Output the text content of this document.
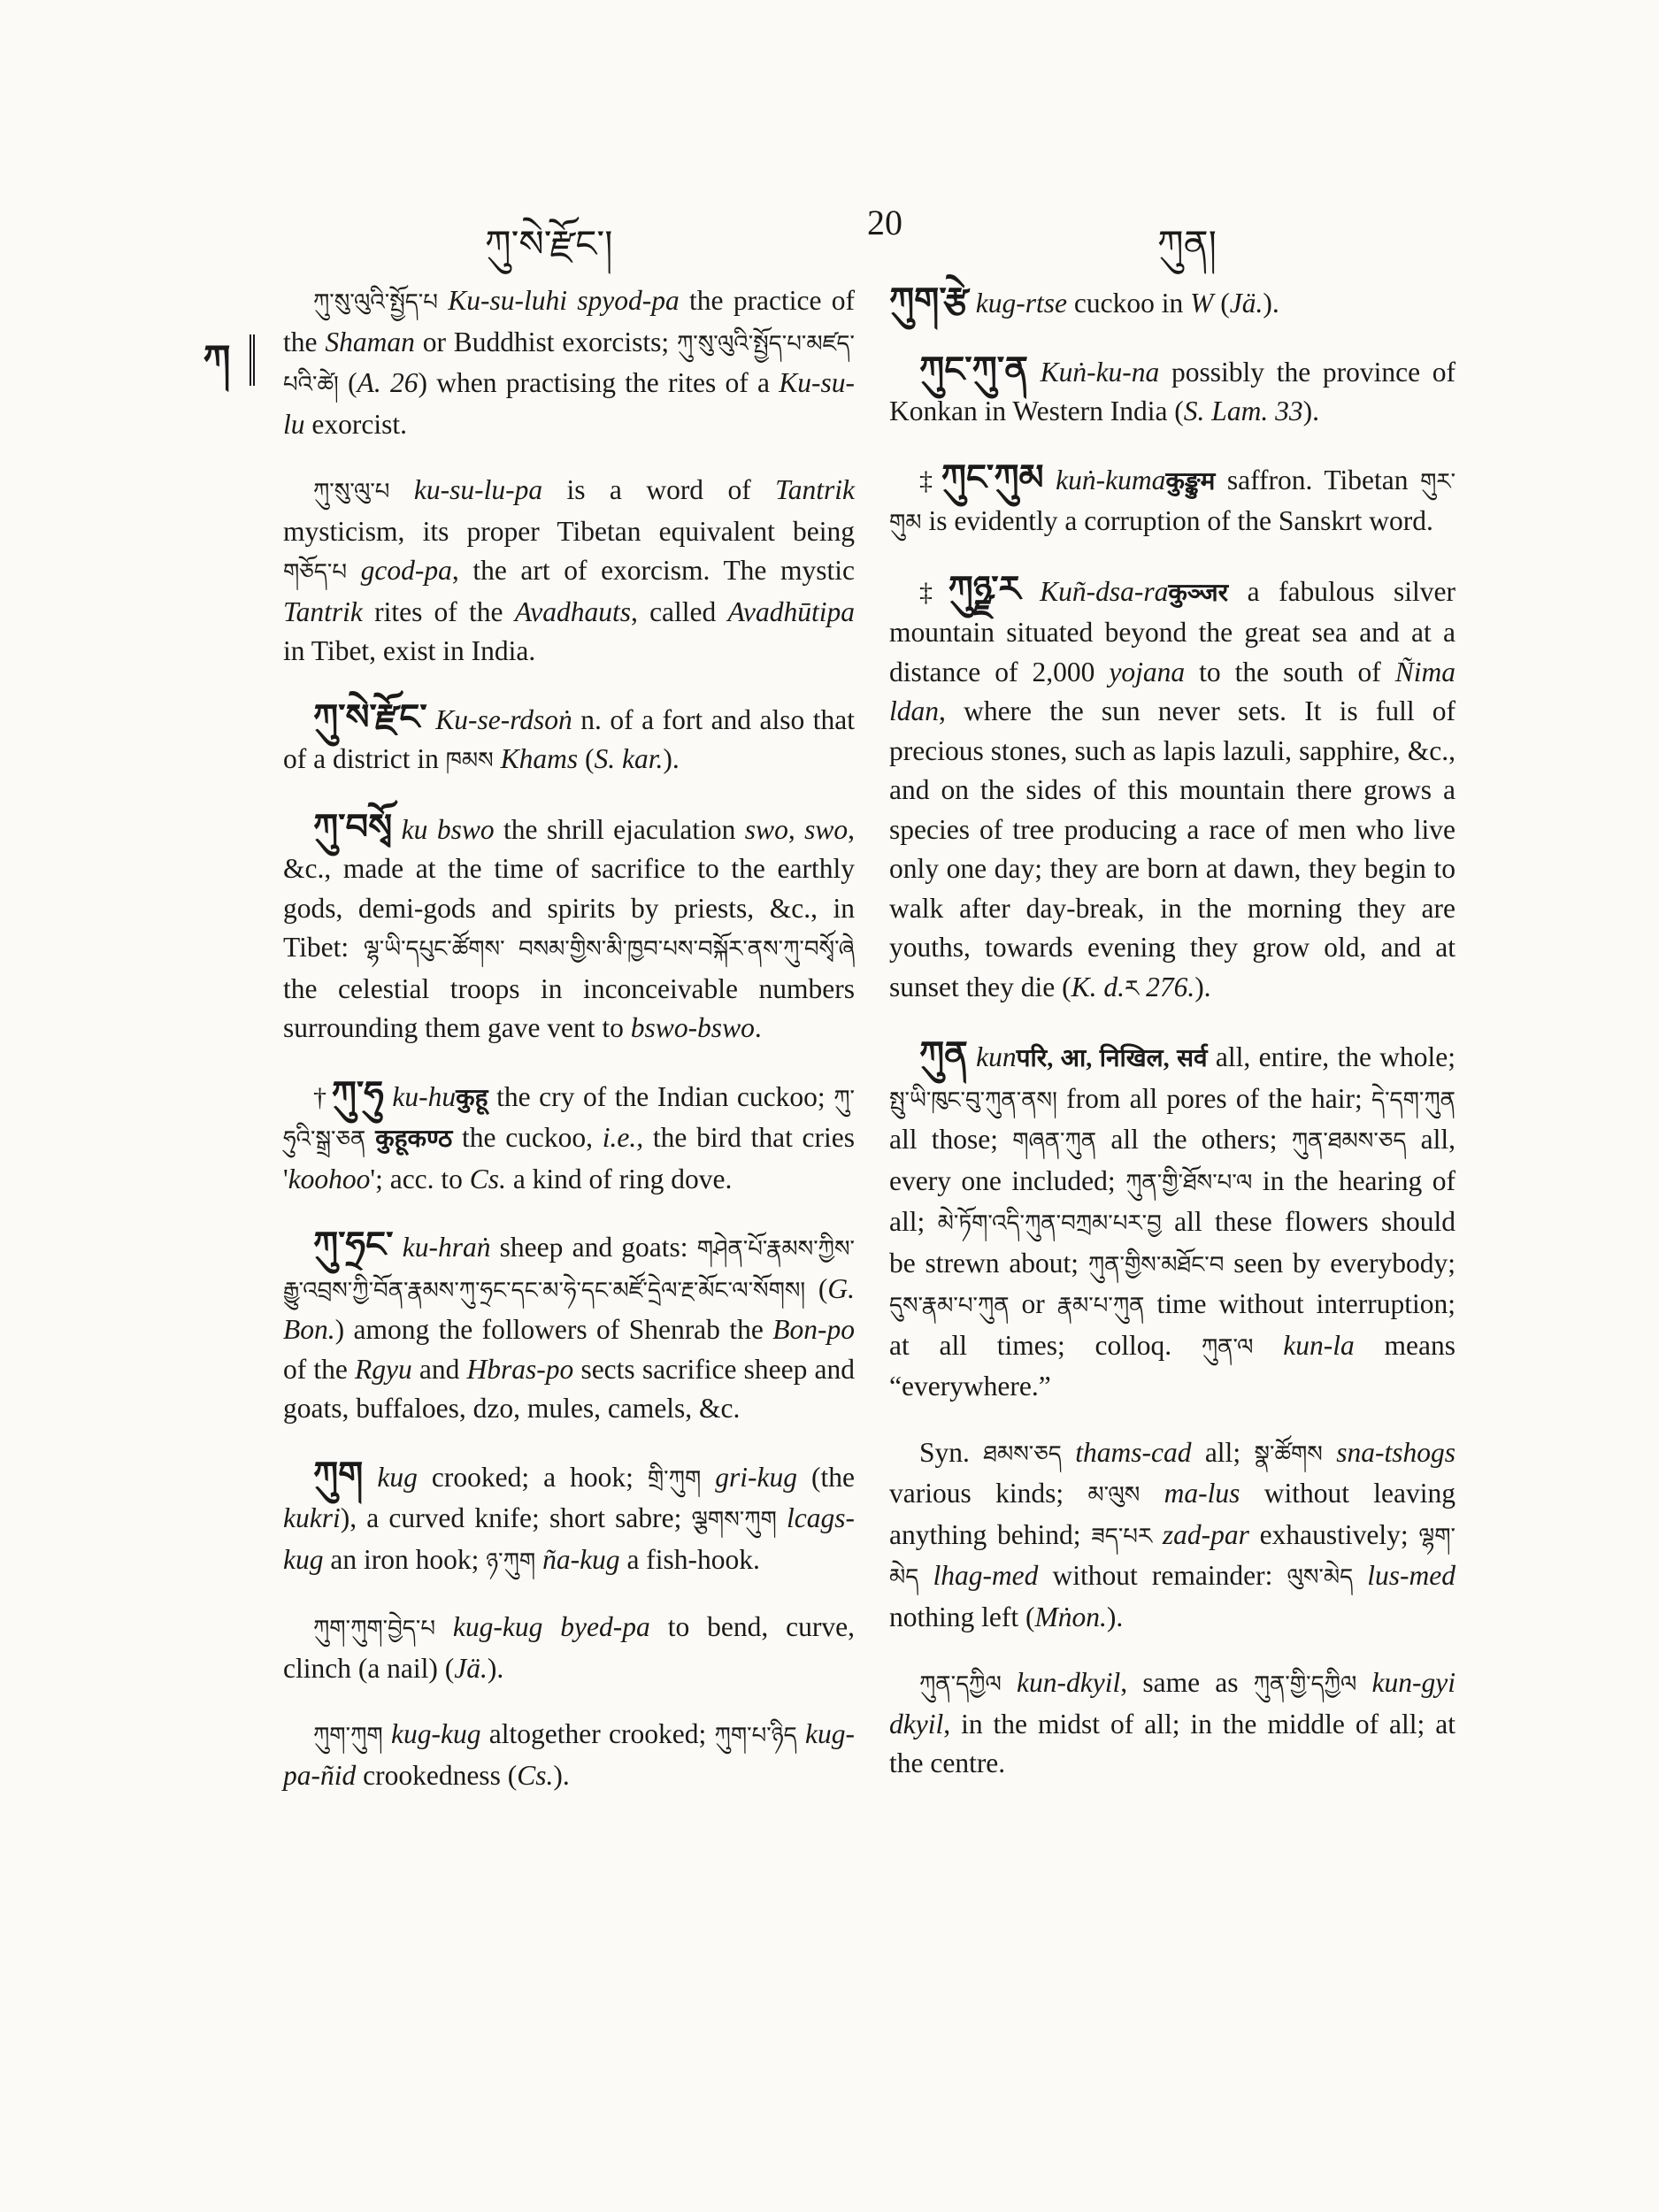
ཀུ་སེ་རྫོང་།
20
ཀུན།
ཀ

ཀུ་སུ་ལུའི་སྤྱོད་པ Ku-su-luhi spyod-pa the practice of the Shaman or Buddhist exorcists; ཀུ་སུ་ལུའི་སྤྱོད་པ་མཛད་པའི་ཚེ། (A. 26) when practising the rites of a Ku-su-lu exorcist.

ཀུ་སུ་ལུ་པ ku-su-lu-pa is a word of Tantrik mysticism, its proper Tibetan equivalent being གཅོད་པ gcod-pa, the art of exorcism. The mystic Tantrik rites of the Avadhauts, called Avadhūtipa in Tibet, exist in India.

ཀུ་སེ་རྫོང་ Ku-se-rdsoṅ n. of a fort and also that of a district in ཁམས Khams (S. kar.).

ཀུ་བསྭོ ku bswo the shrill ejaculation swo, swo, &c., made at the time of sacrifice to the earthly gods, demi-gods and spirits by priests, &c., in Tibet: ལྷ་ཡི་དཔུང་ཚོགས་ བསམ་གྱིས་མི་ཁྱབ་པས་བསྐོར་ནས་ཀུ་བསྭོ་ཞེ the celestial troops in inconceivable numbers surrounding them gave vent to bswo-bswo.

† ཀུ་ཧུ ku-huकुहू the cry of the Indian cuckoo; ཀུ་ཧུའི་སྒྲ་ཅན कुहूकण्ठ the cuckoo, i.e., the bird that cries 'koohoo'; acc. to Cs. a kind of ring dove.

ཀུ་ཧྲང་ ku-hraṅ sheep and goats: གཤེན་པོ་རྣམས་ཀྱིས་རྒྱུ་འབྲས་ཀྱི་བོན་རྣམས་ཀུ་ཧྲང་དང་མ་ཧེ་དང་མཛོ་དྲེལ་རྔ་མོང་ལ་སོགས། (G. Bon.) among the followers of Shenrab the Bon-po of the Rgyu and Hbras-po sects sacrifice sheep and goats, buffaloes, dzo, mules, camels, &c.

ཀུག kug crooked; a hook; གྲི་ཀུག gri-kug (the kukri), a curved knife; short sabre; ལྕགས་ཀུག lcags-kug an iron hook; ཉ་ཀུག ña-kug a fish-hook.

ཀུག་ཀུག་བྱེད་པ kug-kug byed-pa to bend, curve, clinch (a nail) (Jä.).

ཀུག་ཀུག kug-kug altogether crooked; ཀུག་པ་ཉིད kug-pa-ñid crookedness (Cs.).

ཀུག་རྩེ kug-rtse cuckoo in W (Jä.).

ཀུང་ཀུ་ན Kuṅ-ku-na possibly the province of Konkan in Western India (S. Lam. 33).

‡ ཀུང་ཀུམ kuṅ-kumaकुङ्कुम saffron. Tibetan གུར་གུམ is evidently a corruption of the Sanskrt word.

‡ ཀུཉྫ་ར Kuñ-dsa-raकुञ्जर a fabulous silver mountain situated beyond the great sea and at a distance of 2,000 yojana to the south of Ñima ldan, where the sun never sets. It is full of precious stones, such as lapis lazuli, sapphire, &c., and on the sides of this mountain there grows a species of tree producing a race of men who live only one day; they are born at dawn, they begin to walk after day-break, in the morning they are youths, towards evening they grow old, and at sunset they die (K. d.ར 276.).

ཀུན kunपरि, आ, निखिल, सर्व all, entire, the whole; སྤུ་ཡི་ཁུང་བུ་ཀུན་ནས། from all pores of the hair; དེ་དག་ཀུན all those; གཞན་ཀུན all the others; ཀུན་ཐམས་ཅད all, every one included; ཀུན་གྱི་ཐོས་པ་ལ in the hearing of all; མེ་ཏོག་འདི་ཀུན་བཀྲམ་པར་བྱ all these flowers should be strewn about; ཀུན་གྱིས་མཐོང་བ seen by everybody; དུས་རྣམ་པ་ཀུན or རྣམ་པ་ཀུན time without interruption; at all times; colloq. ཀུན་ལ kun-la means “everywhere.”

Syn. ཐམས་ཅད thams-cad all; སྣ་ཚོགས sna-tshogs various kinds; མ་ལུས ma-lus without leaving anything behind; ཟད་པར zad-par exhaustively; ལྷག་མེད lhag-med without remainder: ལུས་མེད lus-med nothing left (Mṅon.).

ཀུན་དཀྱིལ kun-dkyil, same as ཀུན་གྱི་དཀྱིལ kun-gyi dkyil, in the midst of all; in the middle of all; at the centre.
